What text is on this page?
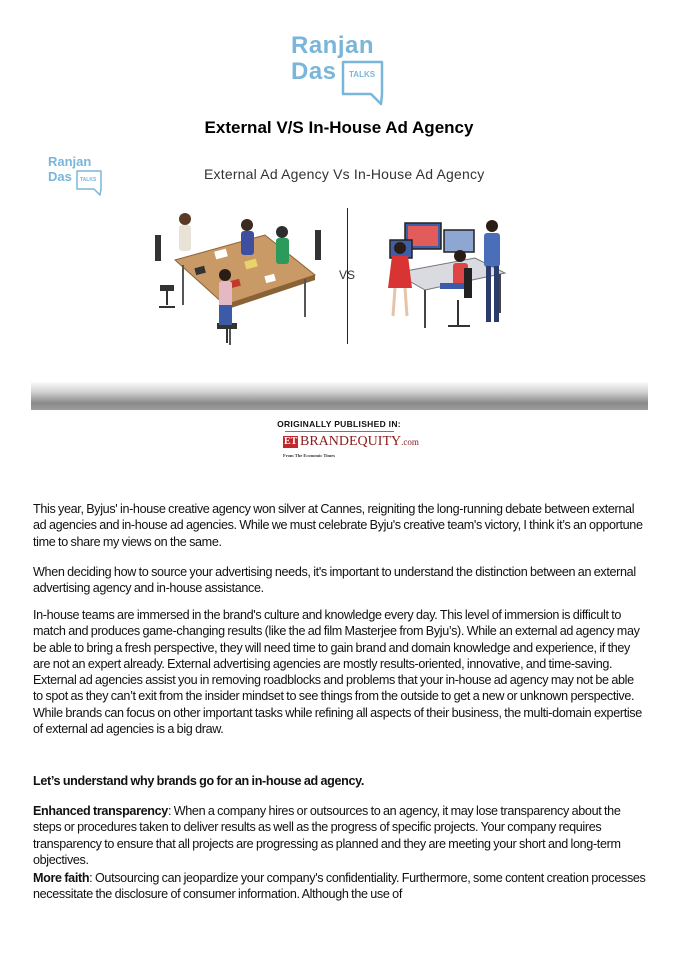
Ranjan
Das TALKS
External V/S In-House Ad Agency
Ranjan
Das TALKS	External Ad Agency Vs In-House Ad Agency
VS
ORIGINALLY PUBLISHED IN:
ET BRANDEQUITY.com
From The Economic Times
This year, Byjus' in-house creative agency won silver at Cannes, reigniting the long-running debate between external ad agencies and in-house ad agencies. While we must celebrate Byju's creative team's victory, I think it’s an opportune time to share my views on the same.
When deciding how to source your advertising needs, it's important to understand the distinction between an external advertising agency and in-house assistance.
In-house teams are immersed in the brand's culture and knowledge every day. This level of immersion is difficult to match and produces game-changing results (like the ad film Masterjee from Byju’s). While an external ad agency may be able to bring a fresh perspective, they will need time to gain brand and domain knowledge and experience, if they are not an expert already. External advertising agencies are mostly results-oriented, innovative, and time-saving. External ad agencies assist you in removing roadblocks and problems that your in-house ad agency may not be able to spot as they can’t exit from the insider mindset to see things from the outside to get a new or unknown perspective. While brands can focus on other important tasks while refining all aspects of their business, the multi-domain expertise of external ad agencies is a big draw.
Let’s understand why brands go for an in-house ad agency.
Enhanced transparency: When a company hires or outsources to an agency, it may lose transparency about the steps or procedures taken to deliver results as well as the progress of specific projects. Your company requires transparency to ensure that all projects are progressing as planned and they are meeting your short and long-term objectives.
More faith: Outsourcing can jeopardize your company's confidentiality. Furthermore, some content creation processes necessitate the disclosure of consumer information. Although the use of
